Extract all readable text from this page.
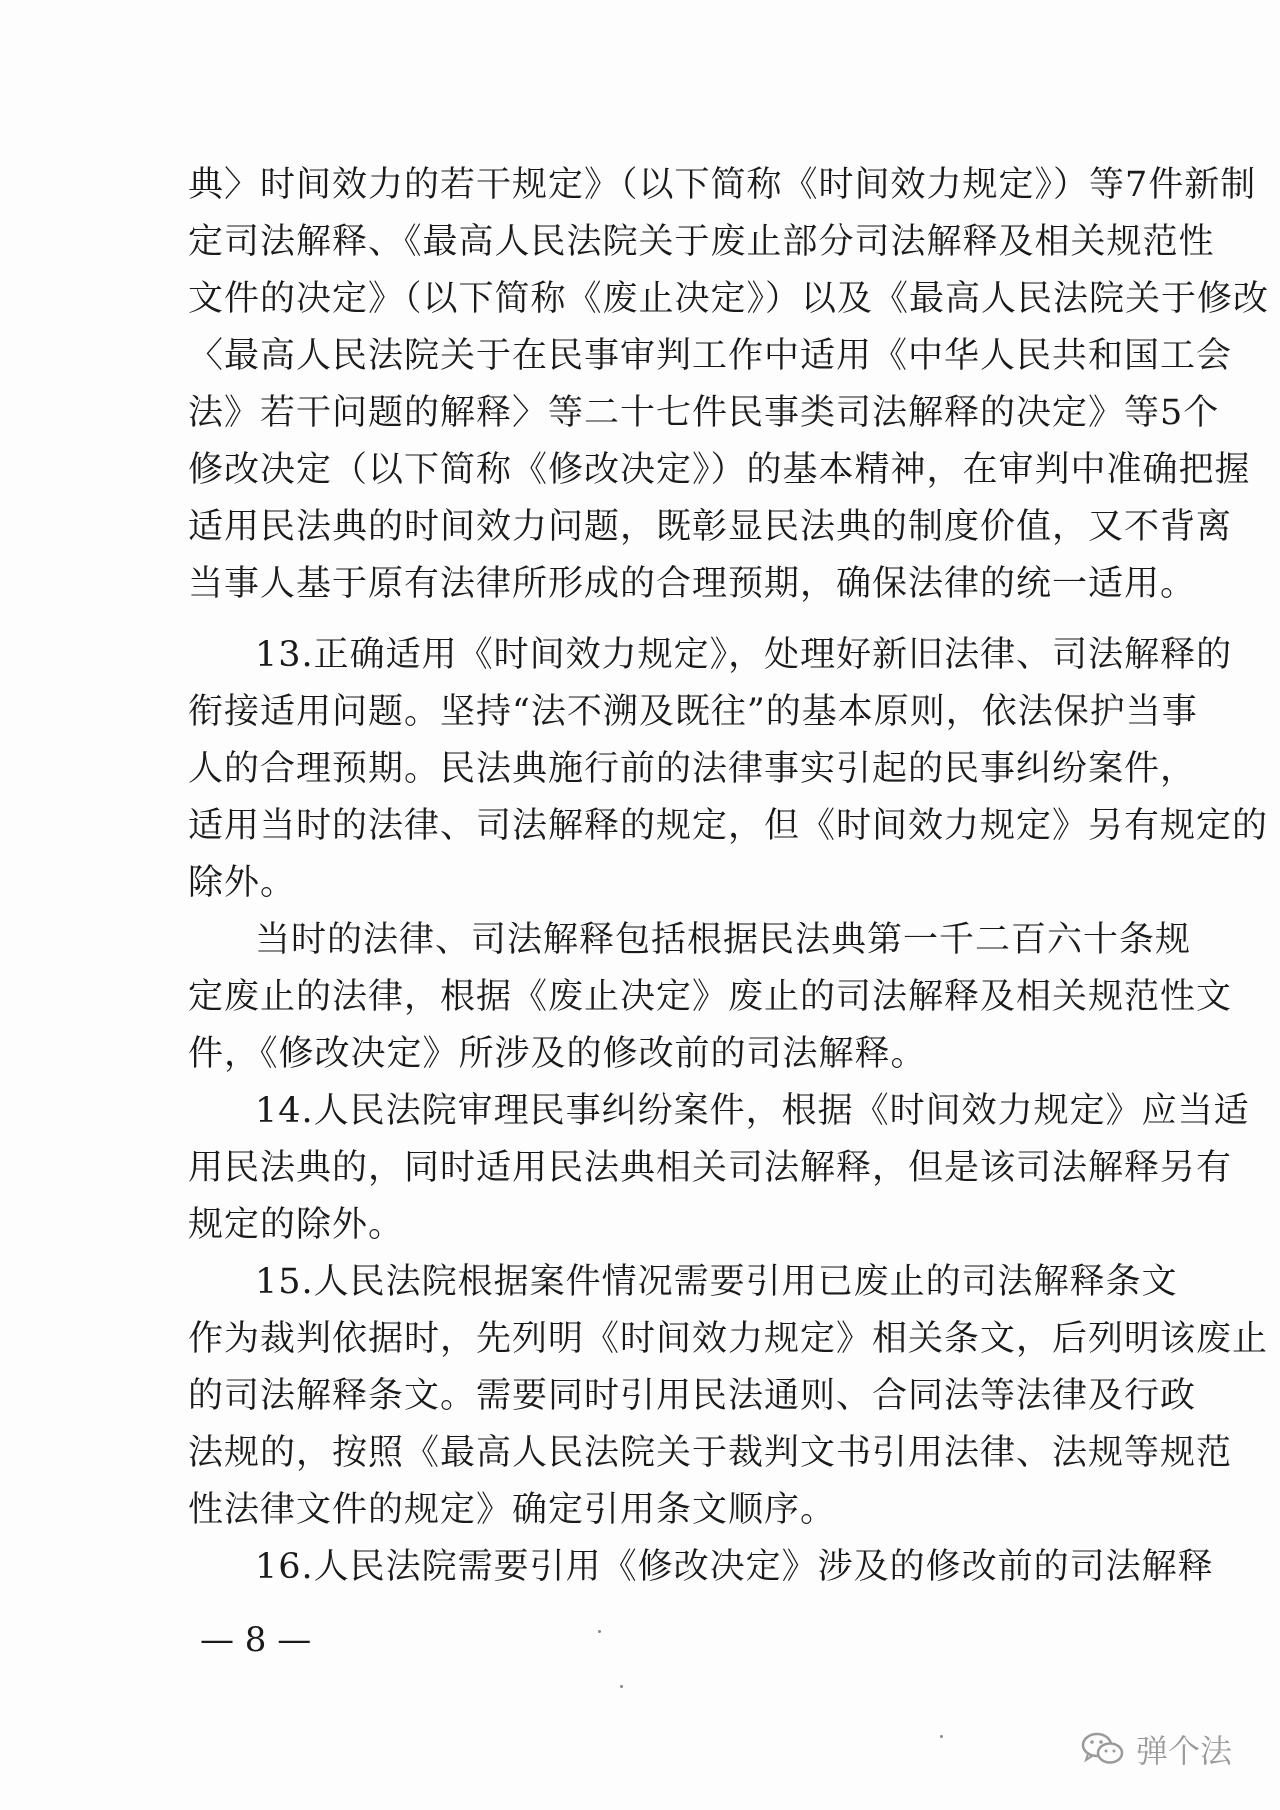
典〉时间效力的若干规定》（以下简称《时间效力规定》）等7件新制
定司法解释、《最高人民法院关于废止部分司法解释及相关规范性
文件的决定》（以下简称《废止决定》）以及《最高人民法院关于修改
〈最高人民法院关于在民事审判工作中适用《中华人民共和国工会
法》若干问题的解释〉等二十七件民事类司法解释的决定》等5个
修改决定（以下简称《修改决定》）的基本精神，在审判中准确把握
适用民法典的时间效力问题，既彰显民法典的制度价值，又不背离
当事人基于原有法律所形成的合理预期，确保法律的统一适用。
13.正确适用《时间效力规定》，处理好新旧法律、司法解释的
衔接适用问题。坚持“法不溯及既往”的基本原则，依法保护当事
人的合理预期。民法典施行前的法律事实引起的民事纠纷案件，
适用当时的法律、司法解释的规定，但《时间效力规定》另有规定的
除外。
当时的法律、司法解释包括根据民法典第一千二百六十条规
定废止的法律，根据《废止决定》废止的司法解释及相关规范性文
件，《修改决定》所涉及的修改前的司法解释。
14.人民法院审理民事纠纷案件，根据《时间效力规定》应当适
用民法典的，同时适用民法典相关司法解释，但是该司法解释另有
规定的除外。
15.人民法院根据案件情况需要引用已废止的司法解释条文
作为裁判依据时，先列明《时间效力规定》相关条文，后列明该废止
的司法解释条文。需要同时引用民法通则、合同法等法律及行政
法规的，按照《最高人民法院关于裁判文书引用法律、法规等规范
性法律文件的规定》确定引用条文顺序。
16.人民法院需要引用《修改决定》涉及的修改前的司法解释
— 8 —
弹个法
